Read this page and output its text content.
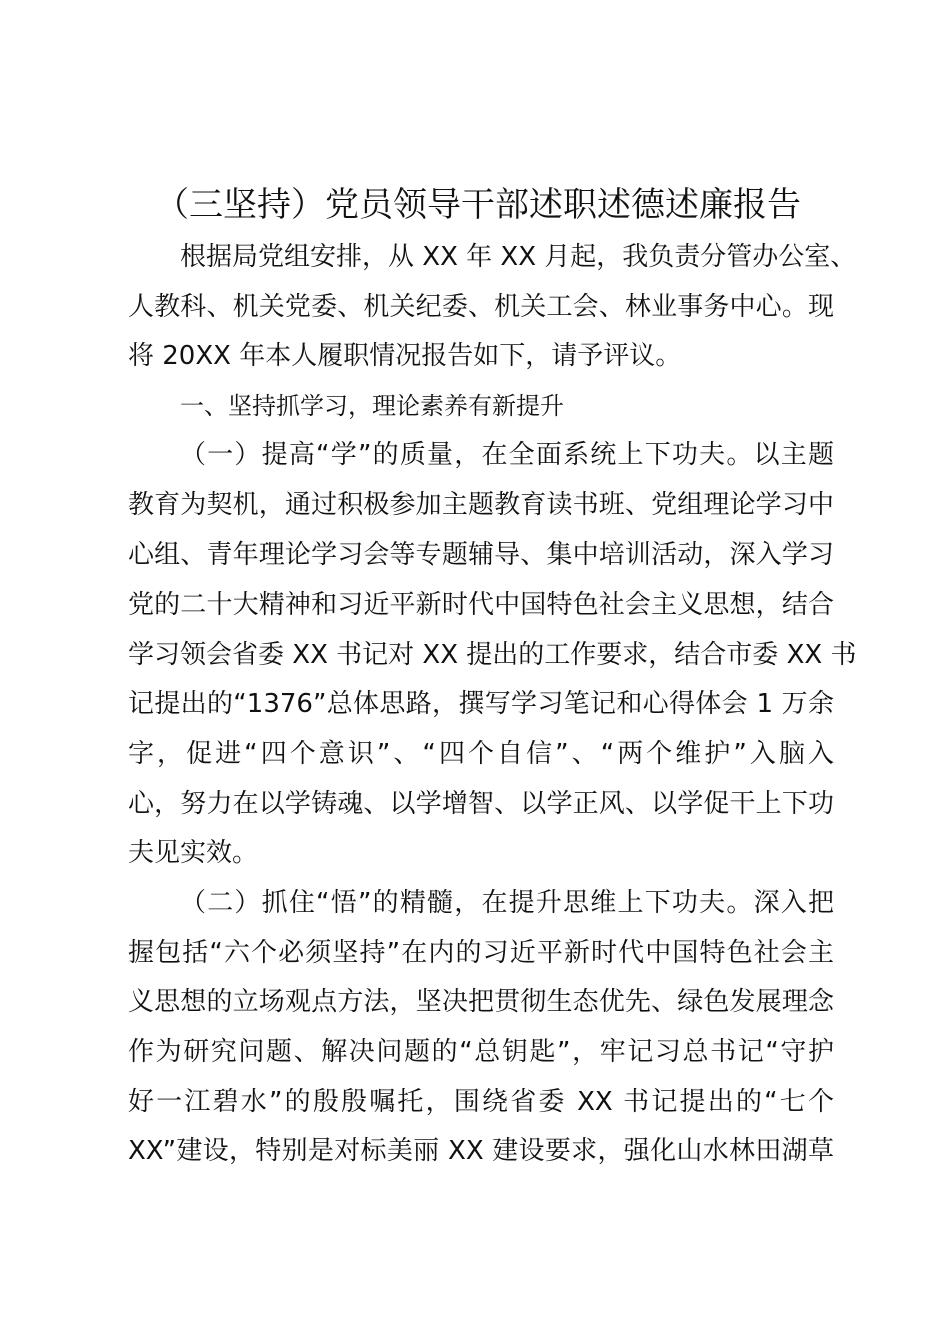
（三坚持）党员领导干部述职述德述廉报告
根据局党组安排，从 XX 年 XX 月起，我负责分管办公室、
人教科、机关党委、机关纪委、机关工会、林业事务中心。现
将 20XX 年本人履职情况报告如下，请予评议。
一、坚持抓学习，理论素养有新提升
（一）提高“学”的质量，在全面系统上下功夫。以主题
教育为契机，通过积极参加主题教育读书班、党组理论学习中
心组、青年理论学习会等专题辅导、集中培训活动，深入学习
党的二十大精神和习近平新时代中国特色社会主义思想，结合
学习领会省委 XX 书记对 XX 提出的工作要求，结合市委 XX 书
记提出的“1376”总体思路，撰写学习笔记和心得体会 1 万余
字，促进“四个意识”、“四个自信”、“两个维护”入脑入
心，努力在以学铸魂、以学增智、以学正风、以学促干上下功
夫见实效。
（二）抓住“悟”的精髓，在提升思维上下功夫。深入把
握包括“六个必须坚持”在内的习近平新时代中国特色社会主
义思想的立场观点方法，坚决把贯彻生态优先、绿色发展理念
作为研究问题、解决问题的“总钥匙”，牢记习总书记“守护
好一江碧水”的殷殷嘱托，围绕省委 XX 书记提出的“七个
XX”建设，特别是对标美丽 XX 建设要求，强化山水林田湖草
